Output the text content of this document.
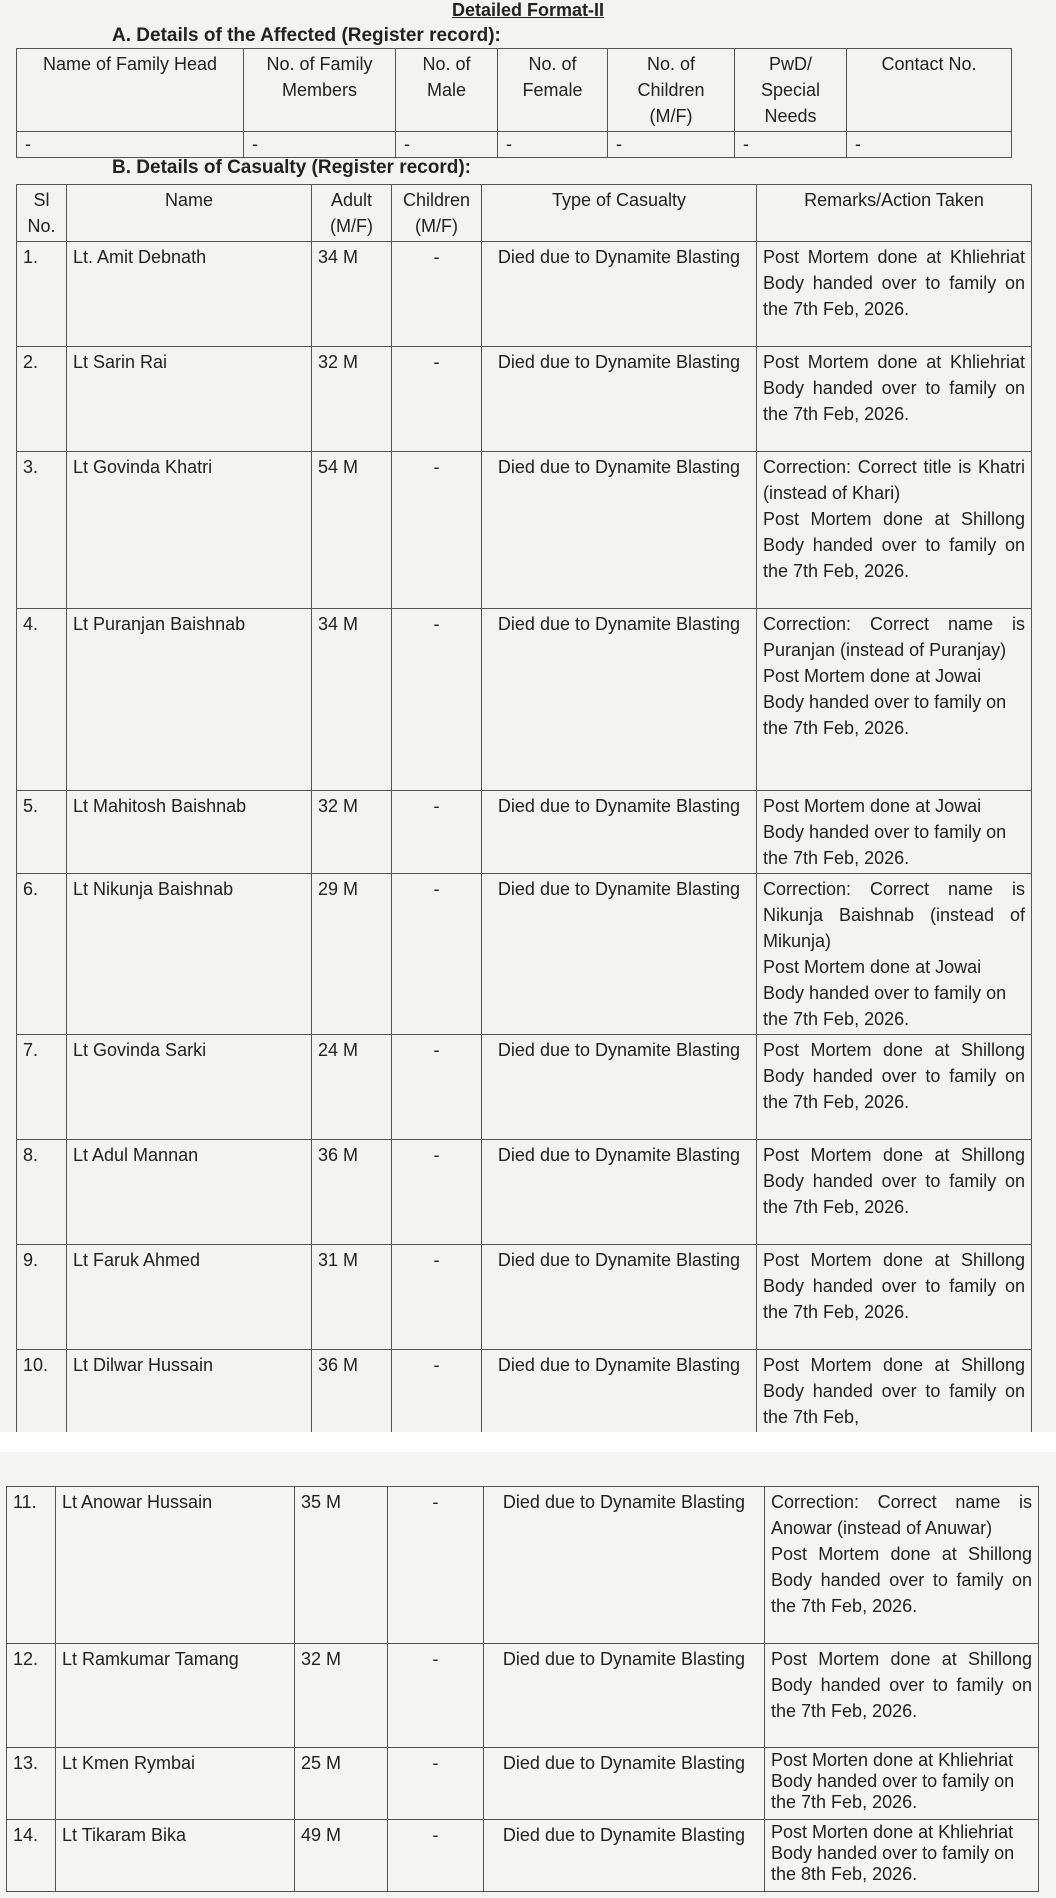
Detailed Format-II
A. Details of the Affected (Register record):
Name of Family Head	No. of Family Members	No. of Male	No. of Female	No. of Children (M/F)	PwD/ Special Needs	Contact No.
-	-	-	-	-	-	-
B. Details of Casualty (Register record):
Sl No.	Name	Adult (M/F)	Children (M/F)	Type of Casualty	Remarks/Action Taken
1.	Lt. Amit Debnath	34 M	-	Died due to Dynamite Blasting	Post Mortem done at Khliehriat Body handed over to family on the 7th Feb, 2026.
2.	Lt Sarin Rai	32 M	-	Died due to Dynamite Blasting	Post Mortem done at Khliehriat Body handed over to family on the 7th Feb, 2026.
3.	Lt Govinda Khatri	54 M	-	Died due to Dynamite Blasting	Correction: Correct title is Khatri (instead of Khari)
Post Mortem done at Shillong Body handed over to family on the 7th Feb, 2026.

4.	Lt Puranjan Baishnab	34 M	-	Died due to Dynamite Blasting	Correction: Correct name is Puranjan (instead of Puranjay)
Post Mortem done at Jowai Body handed over to family on the 7th Feb, 2026.

5.	Lt Mahitosh Baishnab	32 M	-	Died due to Dynamite Blasting	Post Mortem done at Jowai Body handed over to family on the 7th Feb, 2026.
6.	Lt Nikunja Baishnab	29 M	-	Died due to Dynamite Blasting	Correction: Correct name is Nikunja Baishnab (instead of Mikunja)
Post Mortem done at Jowai Body handed over to family on the 7th Feb, 2026.

7.	Lt Govinda Sarki	24 M	-	Died due to Dynamite Blasting	Post Mortem done at Shillong Body handed over to family on the 7th Feb, 2026.
8.	Lt Adul Mannan	36 M	-	Died due to Dynamite Blasting	Post Mortem done at Shillong Body handed over to family on the 7th Feb, 2026.
9.	Lt Faruk Ahmed	31 M	-	Died due to Dynamite Blasting	Post Mortem done at Shillong Body handed over to family on the 7th Feb, 2026.
10.	Lt Dilwar Hussain	36 M	-	Died due to Dynamite Blasting	Post Mortem done at Shillong Body handed over to family on the 7th Feb,
11.	Lt Anowar Hussain	35 M	-	Died due to Dynamite Blasting	Correction: Correct name is Anowar (instead of Anuwar)
Post Mortem done at Shillong Body handed over to family on the 7th Feb, 2026.

12.	Lt Ramkumar Tamang	32 M	-	Died due to Dynamite Blasting	Post Mortem done at Shillong Body handed over to family on the 7th Feb, 2026.
13.	Lt Kmen Rymbai	25 M	-	Died due to Dynamite Blasting	Post Morten done at Khliehriat Body handed over to family on the 7th Feb, 2026.
14.	Lt Tikaram Bika	49 M	-	Died due to Dynamite Blasting	Post Morten done at Khliehriat Body handed over to family on the 8th Feb, 2026.
